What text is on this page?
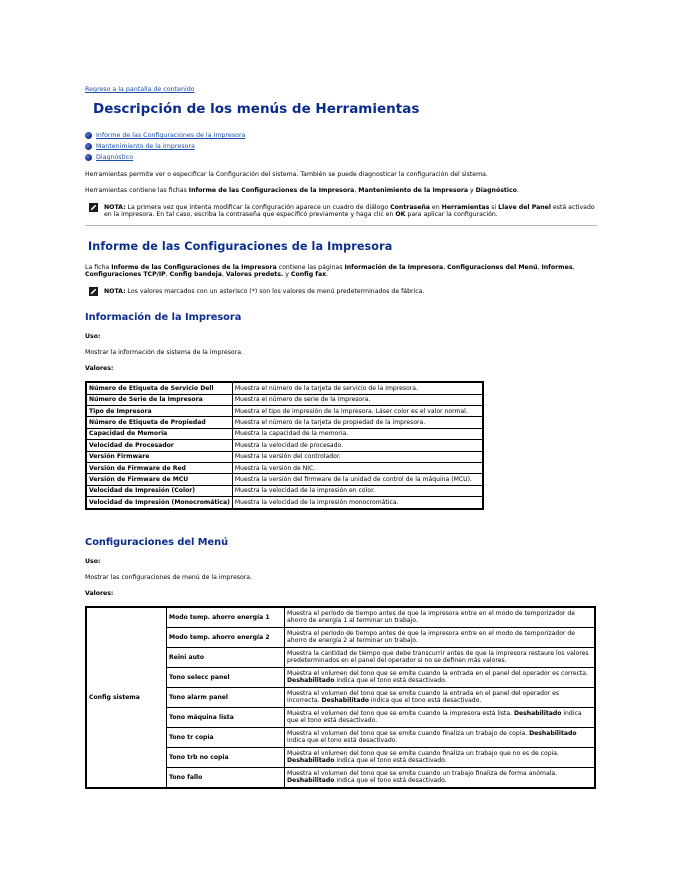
Regreso a la pantalla de contenido
Descripción de los menús de Herramientas
Informe de las Configuraciones de la Impresora
Mantenimiento de la Impresora
Diagnóstico

Herramientas permite ver o especificar la Configuración del sistema. También se puede diagnosticar la configuración del sistema.

Herramientas contiene las fichas Informe de las Configuraciones de la Impresora, Mantenimiento de la Impresora y Diagnóstico.

NOTA: La primera vez que intenta modificar la configuración aparece un cuadro de diálogo Contraseña en Herramientas si Llave del Panel está activado en la impresora. En tal caso, escriba la contraseña que especificó previamente y haga clic en OK para aplicar la configuración.
Informe de las Configuraciones de la Impresora

La ficha Informe de las Configuraciones de la Impresora contiene las páginas Información de la Impresora, Configuraciones del Menú, Informes, Configuraciones TCP/IP, Config bandeja, Valores predets. y Config fax.

NOTA: Los valores marcados con un asterisco (*) son los valores de menú predeterminados de fábrica.
Información de la Impresora
Uso:

Mostrar la información de sistema de la impresora.

Valores:
Número de Etiqueta de Servicio Dell	Muestra el número de la tarjeta de servicio de la impresora.
Número de Serie de la Impresora	Muestra el número de serie de la impresora.
Tipo de Impresora	Muestra el tipo de impresión de la impresora. Láser color es el valor normal.
Número de Etiqueta de Propiedad	Muestra el número de la tarjeta de propiedad de la impresora.
Capacidad de Memoria	Muestra la capacidad de la memoria.
Velocidad de Procesador	Muestra la velocidad de procesado.
Versión Firmware	Muestra la versión del controlador.
Versión de Firmware de Red	Muestra la versión de NIC.
Versión de Firmware de MCU	Muestra la versión del firmware de la unidad de control de la máquina (MCU).
Velocidad de Impresión (Color)	Muestra la velocidad de la impresión en color.
Velocidad de Impresión (Monocromática)	Muestra la velocidad de la impresión monocromática.
Configuraciones del Menú
Uso:

Mostrar las configuraciones de menú de la impresora.

Valores:
Config sistema	Modo temp. ahorro energía 1	Muestra el período de tiempo antes de que la impresora entre en el modo de temporizador de ahorro de energía 1 al terminar un trabajo.
	Modo temp. ahorro energía 2	Muestra el período de tiempo antes de que la impresora entre en el modo de temporizador de ahorro de energía 2 al terminar un trabajo.
	Reini auto	Muestra la cantidad de tiempo que debe transcurrir antes de que la impresora restaure los valores predeterminados en el panel del operador si no se definen más valores.
	Tono selecc panel	Muestra el volumen del tono que se emite cuando la entrada en el panel del operador es correcta. Deshabilitado indica que el tono está desactivado.
	Tono alarm panel	Muestra el volumen del tono que se emite cuando la entrada en el panel del operador es incorrecta. Deshabilitado indica que el tono está desactivado.
	Tono máquina lista	Muestra el volumen del tono que se emite cuando la impresora está lista. Deshabilitado indica que el tono está desactivado.
	Tono tr copia	Muestra el volumen del tono que se emite cuando finaliza un trabajo de copia. Deshabilitado indica que el tono está desactivado.
	Tono trb no copia	Muestra el volumen del tono que se emite cuando finaliza un trabajo que no es de copia. Deshabilitado indica que el tono está desactivado.
	Tono fallo	Muestra el volumen del tono que se emite cuando un trabajo finaliza de forma anómala. Deshabilitado indica que el tono está desactivado.
